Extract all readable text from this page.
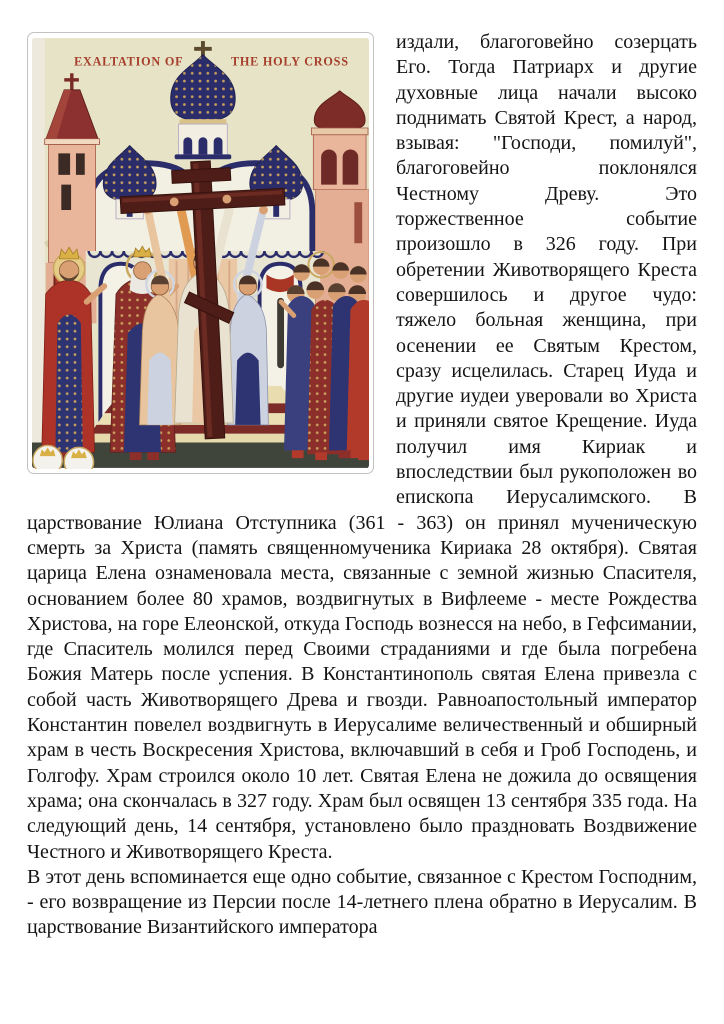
EXALTATION OF	THE HOLY CROSS

издали, благоговейно созерцать Его. Тогда Патриарх и другие духовные лица начали высоко поднимать Святой Крест, а народ, взывая: "Господи, помилуй", благоговейно поклонялся Честному Древу. Это торжественное событие произошло в 326 году. При обретении Животворящего Креста совершилось и другое чудо: тяжело больная женщина, при осенении ее Святым Крестом, сразу исцелилась. Старец Иуда и другие иудеи уверовали во Христа и приняли святое Крещение. Иуда получил имя Кириак и впоследствии был рукоположен во епископа Иерусалимского. В царствование Юлиана Отступника (361 - 363) он принял мученическую смерть за Христа (память священномученика Кириака 28 октября). Святая царица Елена ознаменовала места, связанные с земной жизнью Спасителя, основанием более 80 храмов, воздвигнутых в Вифлееме - месте Рождества Христова, на горе Елеонской, откуда Господь вознесся на небо, в Гефсимании, где Спаситель молился перед Своими страданиями и где была погребена Божия Матерь после успения. В Константинополь святая Елена привезла с собой часть Животворящего Древа и гвозди. Равноапостольный император Константин повелел воздвигнуть в Иерусалиме величественный и обширный храм в честь Воскресения Христова, включавший в себя и Гроб Господень, и Голгофу. Храм строился около 10 лет. Святая Елена не дожила до освящения храма; она скончалась в 327 году. Храм был освящен 13 сентября 335 года. На следующий день, 14 сентября, установлено было праздновать Воздвижение Честного и Животворящего Креста.

В этот день вспоминается еще одно событие, связанное с Крестом Господним, - его возвращение из Персии после 14-летнего плена обратно в Иерусалим. В царствование Византийского императора
